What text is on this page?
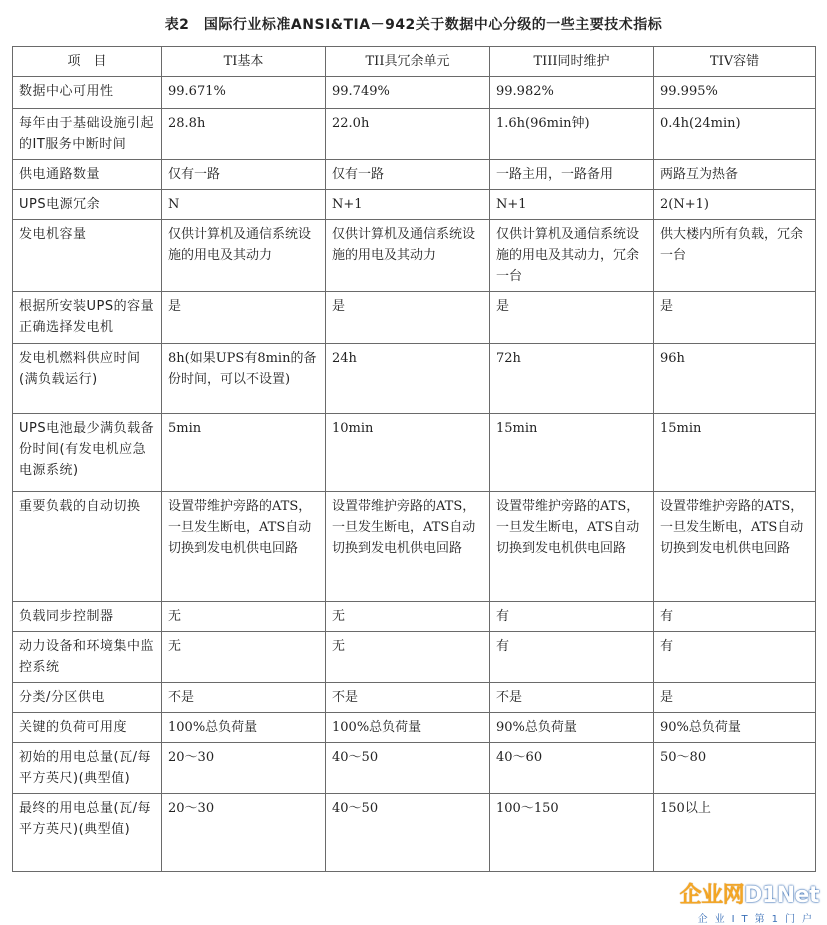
表2　国际行业标准ANSI&TIA－942关于数据中心分级的一些主要技术指标
项　目	TI基本	TII具冗余单元	TIII同时维护	TIV容错
数据中心可用性	99.671%	99.749%	99.982%	99.995%
每年由于基础设施引起的IT服务中断时间	28.8h	22.0h	1.6h(96min钟)	0.4h(24min)
供电通路数量	仅有一路	仅有一路	一路主用，一路备用	两路互为热备
UPS电源冗余	N	N+1	N+1	2(N+1)
发电机容量	仅供计算机及通信系统设施的用电及其动力	仅供计算机及通信系统设施的用电及其动力	仅供计算机及通信系统设施的用电及其动力，冗余一台	供大楼内所有负载，冗余一台
根据所安装UPS的容量正确选择发电机	是	是	是	是
发电机燃料供应时间(满负载运行)	8h(如果UPS有8min的备份时间，可以不设置)	24h	72h	96h
UPS电池最少满负载备份时间(有发电机应急电源系统)	5min	10min	15min	15min
重要负载的自动切换	设置带维护旁路的ATS，一旦发生断电，ATS自动切换到发电机供电回路	设置带维护旁路的ATS，一旦发生断电，ATS自动切换到发电机供电回路	设置带维护旁路的ATS，一旦发生断电，ATS自动切换到发电机供电回路	设置带维护旁路的ATS，一旦发生断电，ATS自动切换到发电机供电回路
负载同步控制器	无	无	有	有
动力设备和环境集中监控系统	无	无	有	有
分类/分区供电	不是	不是	不是	是
关键的负荷可用度	100%总负荷量	100%总负荷量	90%总负荷量	90%总负荷量
初始的用电总量(瓦/每平方英尺)(典型值)	20～30	40～50	40～60	50～80
最终的用电总量(瓦/每平方英尺)(典型值)	20～30	40～50	100～150	150以上
企业网D1Net
企业IT第1门户
